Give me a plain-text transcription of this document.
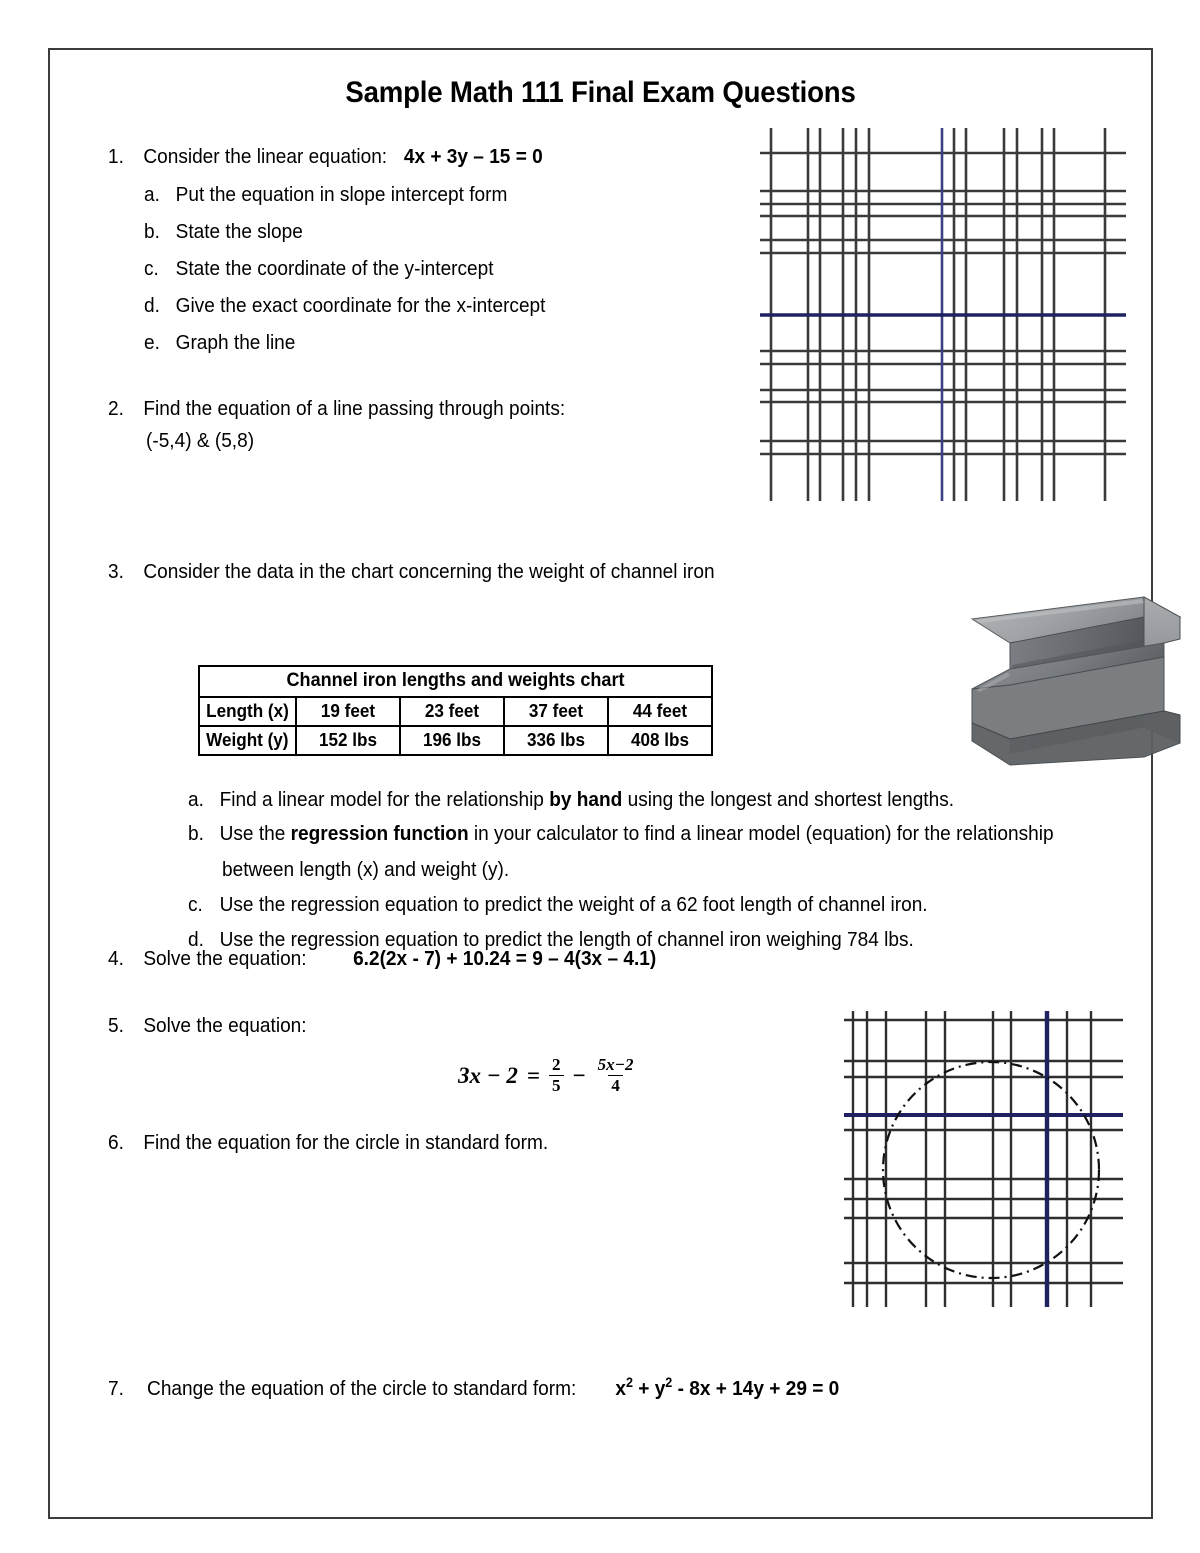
Sample Math 111 Final Exam Questions
1. Consider the linear equation: 4x + 3y – 15 = 0
a. Put the equation in slope intercept form
b. State the slope
c. State the coordinate of the y-intercept
d. Give the exact coordinate for the x-intercept
e. Graph the line
2. Find the equation of a line passing through points:
(-5,4) & (5,8)
3. Consider the data in the chart concerning the weight of channel iron
Channel iron lengths and weights chart				
Length (x)	19 feet	23 feet	37 feet	44 feet
Weight (y)	152 lbs	196 lbs	336 lbs	408 lbs
a. Find a linear model for the relationship by hand using the longest and shortest lengths.
b. Use the regression function in your calculator to find a linear model (equation) for the relationship
between length (x) and weight (y).
c. Use the regression equation to predict the weight of a 62 foot length of channel iron.
d. Use the regression equation to predict the length of channel iron weighing 784 lbs.
4. Solve the equation: 6.2(2x - 7) + 10.24 = 9 – 4(3x – 4.1)
5. Solve the equation:
$3x - 2 = \frac{2}{5} - \frac{5x-2}{4}$
6. Find the equation for the circle in standard form.
7. Change the equation of the circle to standard form: $x^2 + y^2 - 8x + 14y + 29 = 0$
